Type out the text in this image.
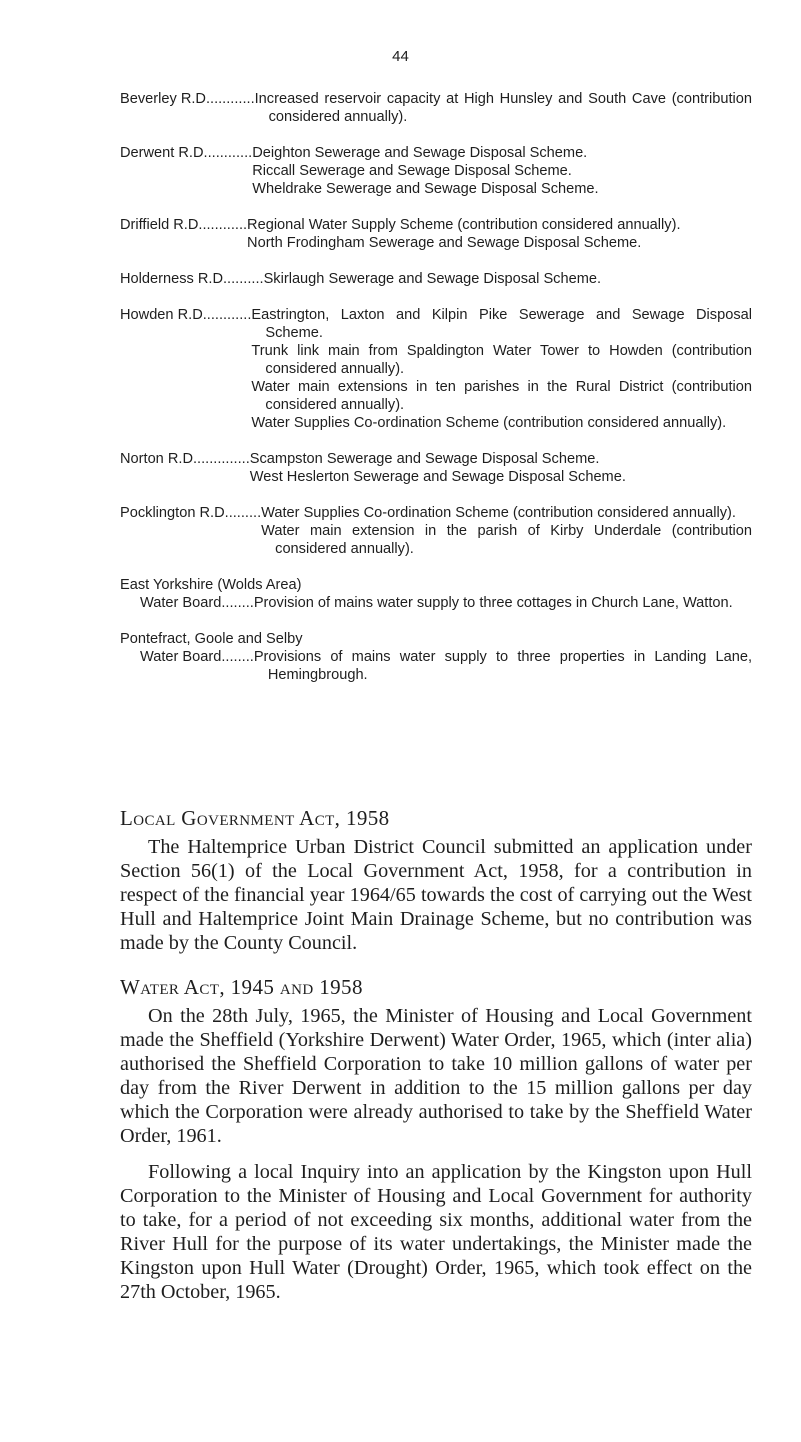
44
Beverley R.D............ Increased reservoir capacity at High Hunsley and South Cave (contribution considered annually).
Derwent R.D............ Deighton Sewerage and Sewage Disposal Scheme.
Riccall Sewerage and Sewage Disposal Scheme.
Wheldrake Sewerage and Sewage Disposal Scheme.
Driffield R.D............ Regional Water Supply Scheme (contribution considered annually).
North Frodingham Sewerage and Sewage Disposal Scheme.
Holderness R.D.......... Skirlaugh Sewerage and Sewage Disposal Scheme.
Howden R.D............ Eastrington, Laxton and Kilpin Pike Sewerage and Sewage Disposal Scheme.
Trunk link main from Spaldington Water Tower to Howden (contribution considered annually).
Water main extensions in ten parishes in the Rural District (contribution considered annually).
Water Supplies Co-ordination Scheme (contribution considered annually).
Norton R.D.............. Scampston Sewerage and Sewage Disposal Scheme.
West Heslerton Sewerage and Sewage Disposal Scheme.
Pocklington R.D......... Water Supplies Co-ordination Scheme (contribution considered annually).
Water main extension in the parish of Kirby Underdale (contribution considered annually).
East Yorkshire (Wolds Area)
Water Board........ Provision of mains water supply to three cottages in Church Lane, Watton.
Pontefract, Goole and Selby
Water Board........ Provisions of mains water supply to three properties in Landing Lane, Hemingbrough.
Local Government Act, 1958

The Haltemprice Urban District Council submitted an application under Section 56(1) of the Local Government Act, 1958, for a contribution in respect of the financial year 1964/65 towards the cost of carrying out the West Hull and Haltemprice Joint Main Drainage Scheme, but no contribution was made by the County Council.

Water Act, 1945 and 1958

On the 28th July, 1965, the Minister of Housing and Local Government made the Sheffield (Yorkshire Derwent) Water Order, 1965, which (inter alia) authorised the Sheffield Corporation to take 10 million gallons of water per day from the River Derwent in addition to the 15 million gallons per day which the Corporation were already authorised to take by the Sheffield Water Order, 1961.

Following a local Inquiry into an application by the Kingston upon Hull Corporation to the Minister of Housing and Local Government for authority to take, for a period of not exceeding six months, additional water from the River Hull for the purpose of its water undertakings, the Minister made the Kingston upon Hull Water (Drought) Order, 1965, which took effect on the 27th October, 1965.
